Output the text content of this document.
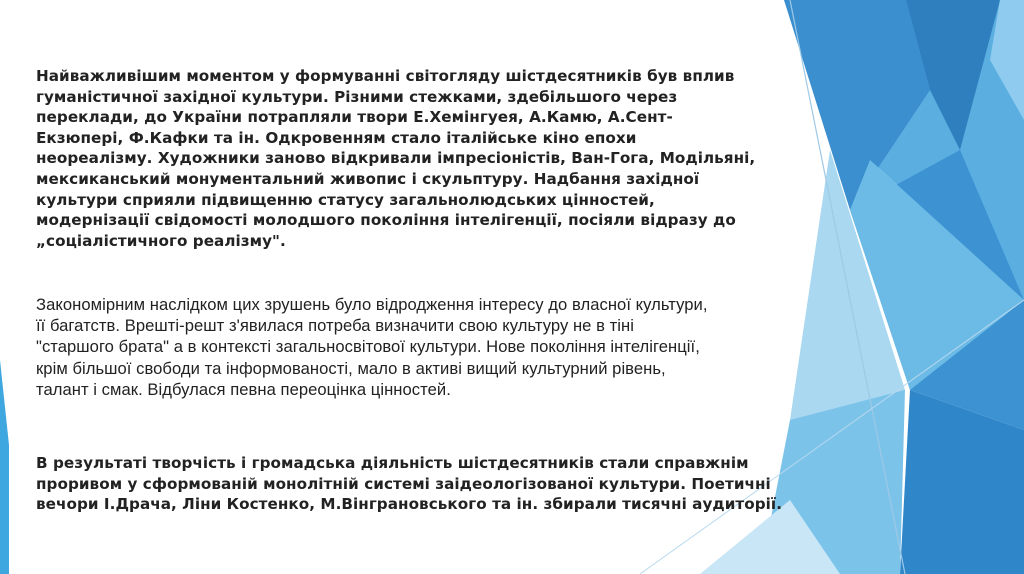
Найважливішим моментом у формуванні світогляду шістдесятників був вплив
гуманістичної західної культури. Різними стежками, здебільшого через
переклади, до України потрапляли твори Е.Хемінгуея, А.Камю, А.Сент-
Екзюпері, Ф.Кафки та ін. Одкровенням стало італійське кіно епохи
неореалізму. Художники заново відкривали імпресіоністів, Ван-Гога, Модільяні,
мексиканський монументальний живопис і скульптуру. Надбання західної
культури сприяли підвищенню статусу загальнолюдських цінностей,
модернізації свідомості молодшого покоління інтелігенції, посіяли відразу до
„соціалістичного реалізму".

Закономірним наслідком цих зрушень було відродження інтересу до власної культури,
її багатств. Врешті-решт з'явилася потреба визначити свою культуру не в тіні
"старшого брата" а в контексті загальносвітової культури. Нове покоління інтелігенції,
крім більшої свободи та інформованості, мало в активі вищий культурний рівень,
талант і смак. Відбулася певна переоцінка цінностей.

В результаті творчість і громадська діяльність шістдесятників стали справжнім
проривом у сформованій монолітній системі заідеологізованої культури. Поетичні
вечори І.Драча, Ліни Костенко, М.Вінграновського та ін. збирали тисячні аудиторії.
